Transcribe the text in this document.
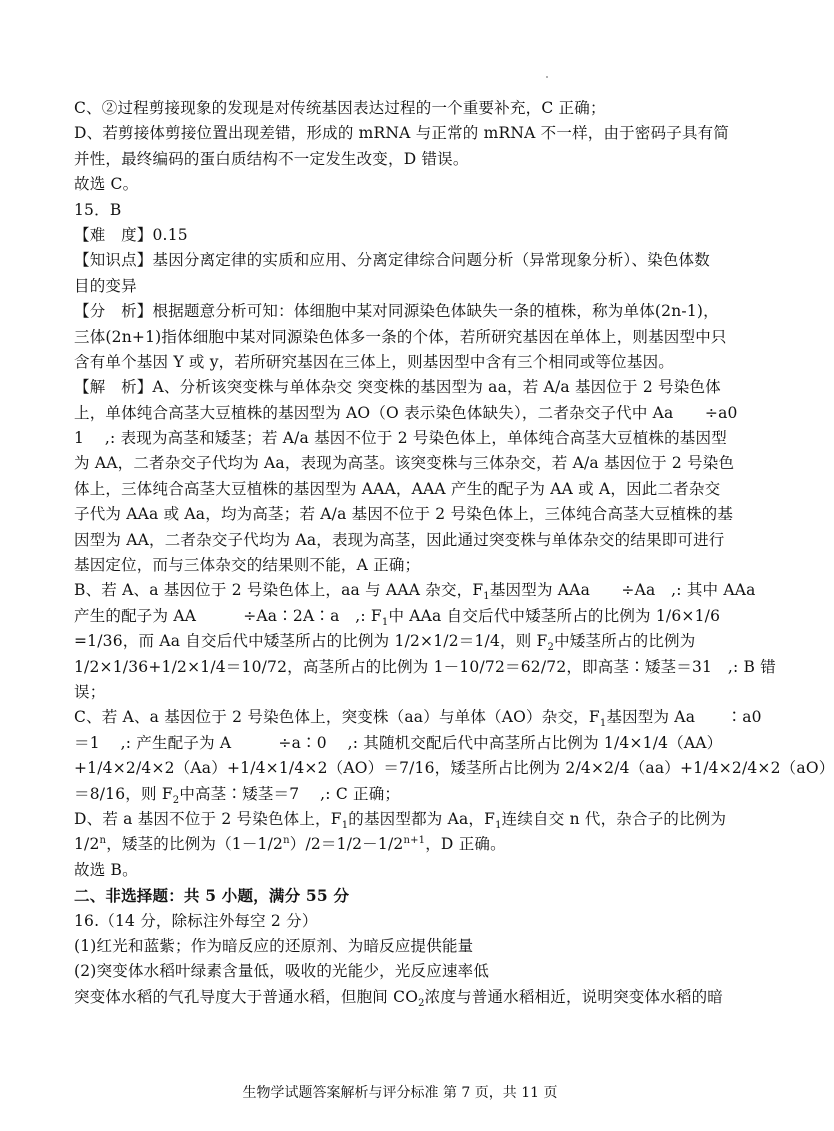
C、②过程剪接现象的发现是对传统基因表达过程的一个重要补充，C 正确；
D、若剪接体剪接位置出现差错，形成的 mRNA 与正常的 mRNA 不一样，由于密码子具有简
并性，最终编码的蛋白质结构不一定发生改变，D 错误。
故选 C。
15．B
【难　度】0.15
【知识点】基因分离定律的实质和应用、分离定律综合问题分析（异常现象分析）、染色体数
目的变异
【分　析】根据题意分析可知：体细胞中某对同源染色体缺失一条的植株，称为单体(2n-1)，
三体(2n+1)指体细胞中某对同源染色体多一条的个体，若所研究基因在单体上，则基因型中只
含有单个基因 Y 或 y，若所研究基因在三体上，则基因型中含有三个相同或等位基因。
【解　析】A、分析该突变株与单体杂交 突变株的基因型为 aa，若 A/a 基因位于 2 号染色体
上，单体纯合高茎大豆植株的基因型为 AO（O 表示染色体缺失），二者杂交子代中 Aa　　÷a0
1　 ,: 表现为高茎和矮茎；若 A/a 基因不位于 2 号染色体上，单体纯合高茎大豆植株的基因型
为 AA，二者杂交子代均为 Aa，表现为高茎。该突变株与三体杂交，若 A/a 基因位于 2 号染色
体上，三体纯合高茎大豆植株的基因型为 AAA，AAA 产生的配子为 AA 或 A，因此二者杂交
子代为 AAa 或 Aa，均为高茎；若 A/a 基因不位于 2 号染色体上，三体纯合高茎大豆植株的基
因型为 AA，二者杂交子代均为 Aa，表现为高茎，因此通过突变株与单体杂交的结果即可进行
基因定位，而与三体杂交的结果则不能，A 正确；
B、若 A、a 基因位于 2 号染色体上，aa 与 AAA 杂交，$F_1$基因型为 AAa　　÷Aa　,: 其中 AAa
产生的配子为 AA　　　÷Aa∶2A∶a　,: $F_1$中 AAa 自交后代中矮茎所占的比例为 1/6×1/6
=1/36，而 Aa 自交后代中矮茎所占的比例为 1/2×1/2＝1/4，则 $F_2$中矮茎所占的比例为
1/2×1/36+1/2×1/4＝10/72，高茎所占的比例为 1－10/72＝62/72，即高茎∶矮茎＝31　,: B 错
误；
C、若 A、a 基因位于 2 号染色体上，突变株（aa）与单体（AO）杂交，$F_1$基因型为 Aa　　∶a0
＝1　 ,: 产生配子为 A　　　÷a∶0　 ,: 其随机交配后代中高茎所占比例为 1/4×1/4（AA）
+1/4×2/4×2（Aa）+1/4×1/4×2（AO）＝7/16，矮茎所占比例为 2/4×2/4（aa）+1/4×2/4×2（aO）
＝8/16，则 $F_2$中高茎∶矮茎＝7　 ,: C 正确；
D、若 a 基因不位于 2 号染色体上，$F_1$的基因型都为 Aa，$F_1$连续自交 n 代，杂合子的比例为
1/2$^n$，矮茎的比例为$(1-1/2^n)/2=1/2-1/2^{n+1}$，D 正确。
故选 B。
二、非选择题：共 5 小题，满分 55 分
16.（14 分，除标注外每空 2 分）
(1)红光和蓝紫；作为暗反应的还原剂、为暗反应提供能量
(2)突变体水稻叶绿素含量低，吸收的光能少，光反应速率低
突变体水稻的气孔导度大于普通水稻，但胞间 $CO_2$浓度与普通水稻相近，说明突变体水稻的暗
生物学试题答案解析与评分标准 第 7 页，共 11 页
